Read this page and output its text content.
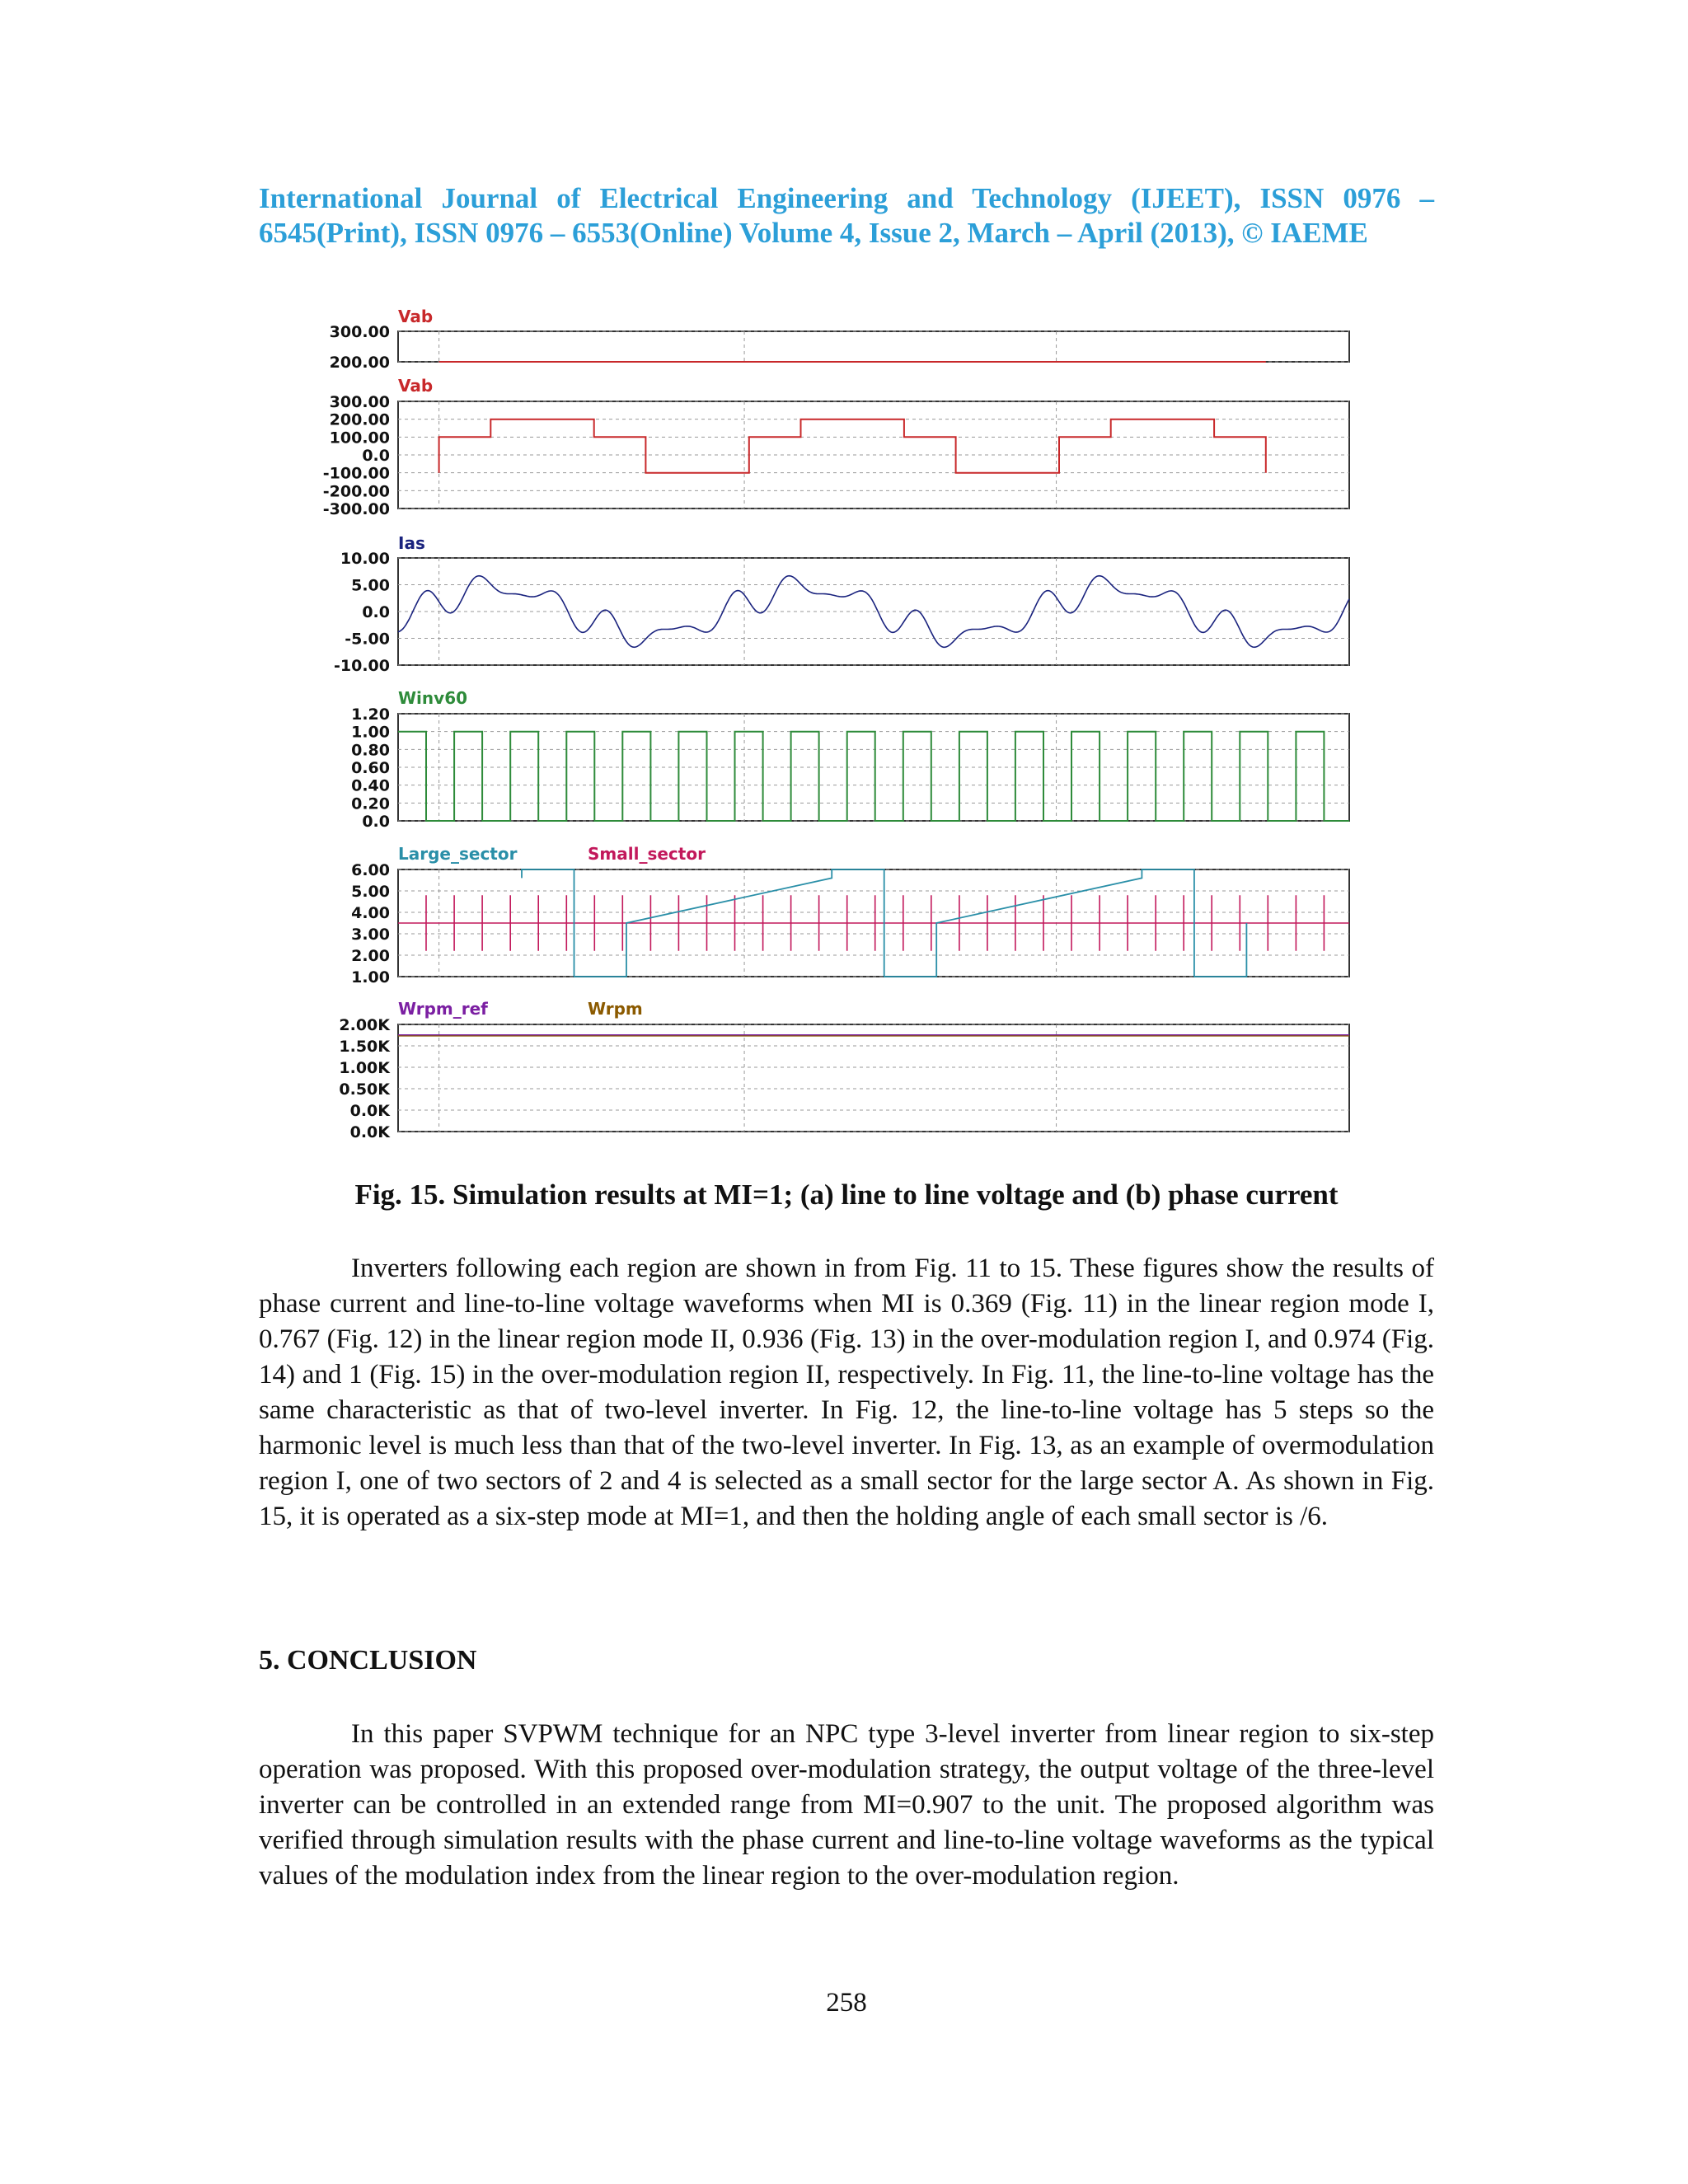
International Journal of Electrical Engineering and Technology (IJEET), ISSN 0976 – 6545(Print), ISSN 0976 – 6553(Online) Volume 4, Issue 2, March – April (2013), © IAEME
300.00
200.00
Vab
300.00
200.00
100.00
0.0
-100.00
-200.00
-300.00
Vab
10.00
5.00
0.0
-5.00
-10.00
Ias
1.20
1.00
0.80
0.60
0.40
0.20
0.0
Winv60
6.00
5.00
4.00
3.00
2.00
1.00
Large_sector	Small_sector
2.00K
1.50K
1.00K
0.50K
0.0K
0.0K
Wrpm_ref	Wrpm
Fig. 15. Simulation results at MI=1; (a) line to line voltage and (b) phase current

Inverters following each region are shown in from Fig. 11 to 15. These figures show the results of phase current and line-to-line voltage waveforms when MI is 0.369 (Fig. 11) in the linear region mode I, 0.767 (Fig. 12) in the linear region mode II, 0.936 (Fig. 13) in the over-modulation region I, and 0.974 (Fig. 14) and 1 (Fig. 15) in the over-modulation region II, respectively. In Fig. 11, the line-to-line voltage has the same characteristic as that of two-level inverter. In Fig. 12, the line-to-line voltage has 5 steps so the harmonic level is much less than that of the two-level inverter. In Fig. 13, as an example of overmodulation region I, one of two sectors of 2 and 4 is selected as a small sector for the large sector A. As shown in Fig. 15, it is operated as a six-step mode at MI=1, and then the holding angle of each small sector is /6.

5. CONCLUSION

In this paper SVPWM technique for an NPC type 3-level inverter from linear region to six-step operation was proposed. With this proposed over-modulation strategy, the output voltage of the three-level inverter can be controlled in an extended range from MI=0.907 to the unit. The proposed algorithm was verified through simulation results with the phase current and line-to-line voltage waveforms as the typical values of the modulation index from the linear region to the over-modulation region.

258
